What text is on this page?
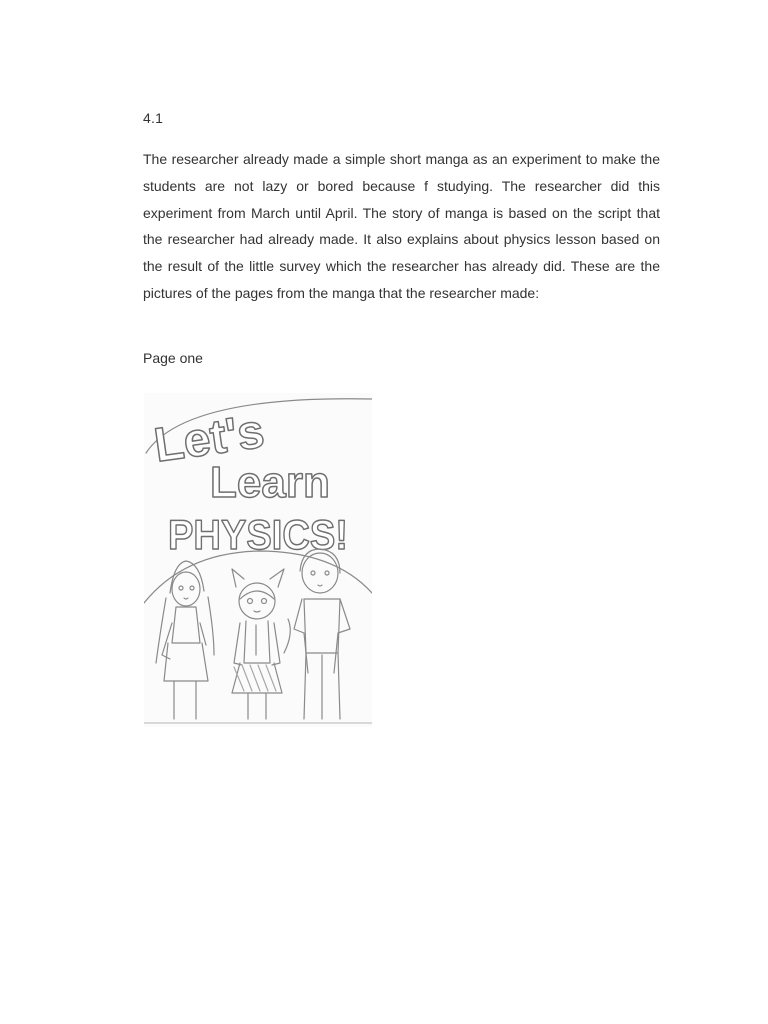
4.1

The researcher already made a simple short manga as an experiment to make the students are not lazy or bored because f studying. The researcher did this experiment from March until April. The story of manga is based on the script that the researcher had already made. It also explains about physics lesson based on the result of the little survey which the researcher has already did. These are the pictures of the pages from the manga that the researcher made:

Page one
Let's
Learn
PHYSICS!
